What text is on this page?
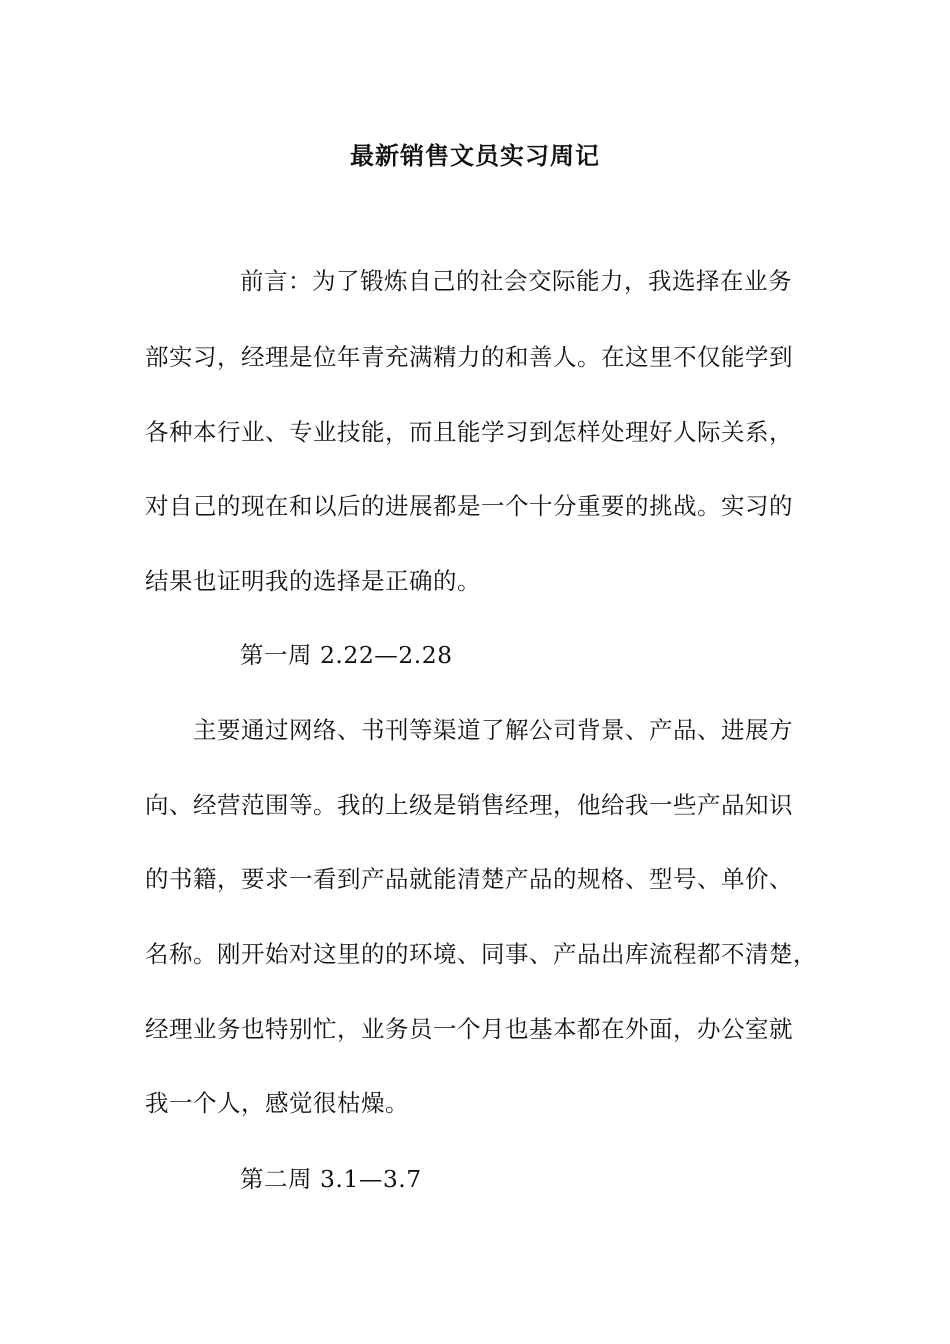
最新销售文员实习周记
前言：为了锻炼自己的社会交际能力，我选择在业务
部实习，经理是位年青充满精力的和善人。在这里不仅能学到
各种本行业、专业技能，而且能学习到怎样处理好人际关系，
对自己的现在和以后的进展都是一个十分重要的挑战。实习的
结果也证明我的选择是正确的。
第一周 2.22—2.28
主要通过网络、书刊等渠道了解公司背景、产品、进展方
向、经营范围等。我的上级是销售经理，他给我一些产品知识
的书籍，要求一看到产品就能清楚产品的规格、型号、单价、
名称。刚开始对这里的的环境、同事、产品出库流程都不清楚，
经理业务也特别忙，业务员一个月也基本都在外面，办公室就
我一个人，感觉很枯燥。
第二周 3.1—3.7
